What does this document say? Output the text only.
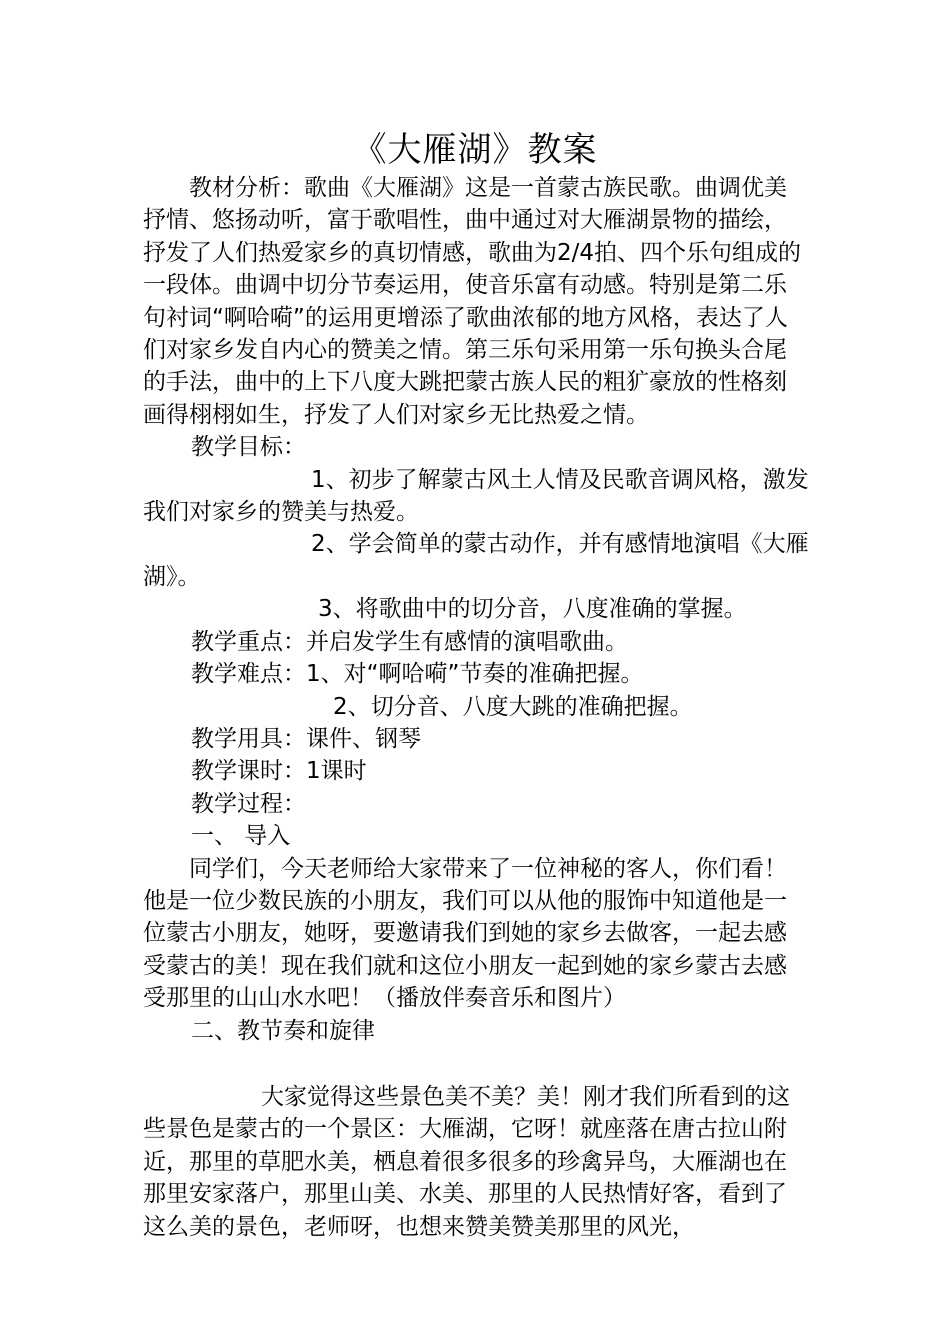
《大雁湖》教案

教材分析：歌曲《大雁湖》这是一首蒙古族民歌。曲调优美抒情、悠扬动听，富于歌唱性，曲中通过对大雁湖景物的描绘，抒发了人们热爱家乡的真切情感，歌曲为2/4拍、四个乐句组成的一段体。曲调中切分节奏运用，使音乐富有动感。特别是第二乐句衬词“啊哈嗬”的运用更增添了歌曲浓郁的地方风格，表达了人们对家乡发自内心的赞美之情。第三乐句采用第一乐句换头合尾的手法，曲中的上下八度大跳把蒙古族人民的粗犷豪放的性格刻画得栩栩如生，抒发了人们对家乡无比热爱之情。

教学目标：

1、初步了解蒙古风土人情及民歌音调风格，激发我们对家乡的赞美与热爱。

2、学会简单的蒙古动作，并有感情地演唱《大雁湖》。

3、将歌曲中的切分音，八度准确的掌握。

教学重点：并启发学生有感情的演唱歌曲。

教学难点：1、对“啊哈嗬”节奏的准确把握。

2、切分音、八度大跳的准确把握。

教学用具：课件、钢琴

教学课时：1课时

教学过程：

一、 导入

同学们，今天老师给大家带来了一位神秘的客人，你们看！他是一位少数民族的小朋友，我们可以从他的服饰中知道他是一位蒙古小朋友，她呀，要邀请我们到她的家乡去做客，一起去感受蒙古的美！现在我们就和这位小朋友一起到她的家乡蒙古去感受那里的山山水水吧！（播放伴奏音乐和图片）

二、教节奏和旋律

大家觉得这些景色美不美？美！刚才我们所看到的这些景色是蒙古的一个景区：大雁湖，它呀！就座落在唐古拉山附近，那里的草肥水美，栖息着很多很多的珍禽异鸟，大雁湖也在那里安家落户，那里山美、水美、那里的人民热情好客，看到了这么美的景色，老师呀，也想来赞美赞美那里的风光，
